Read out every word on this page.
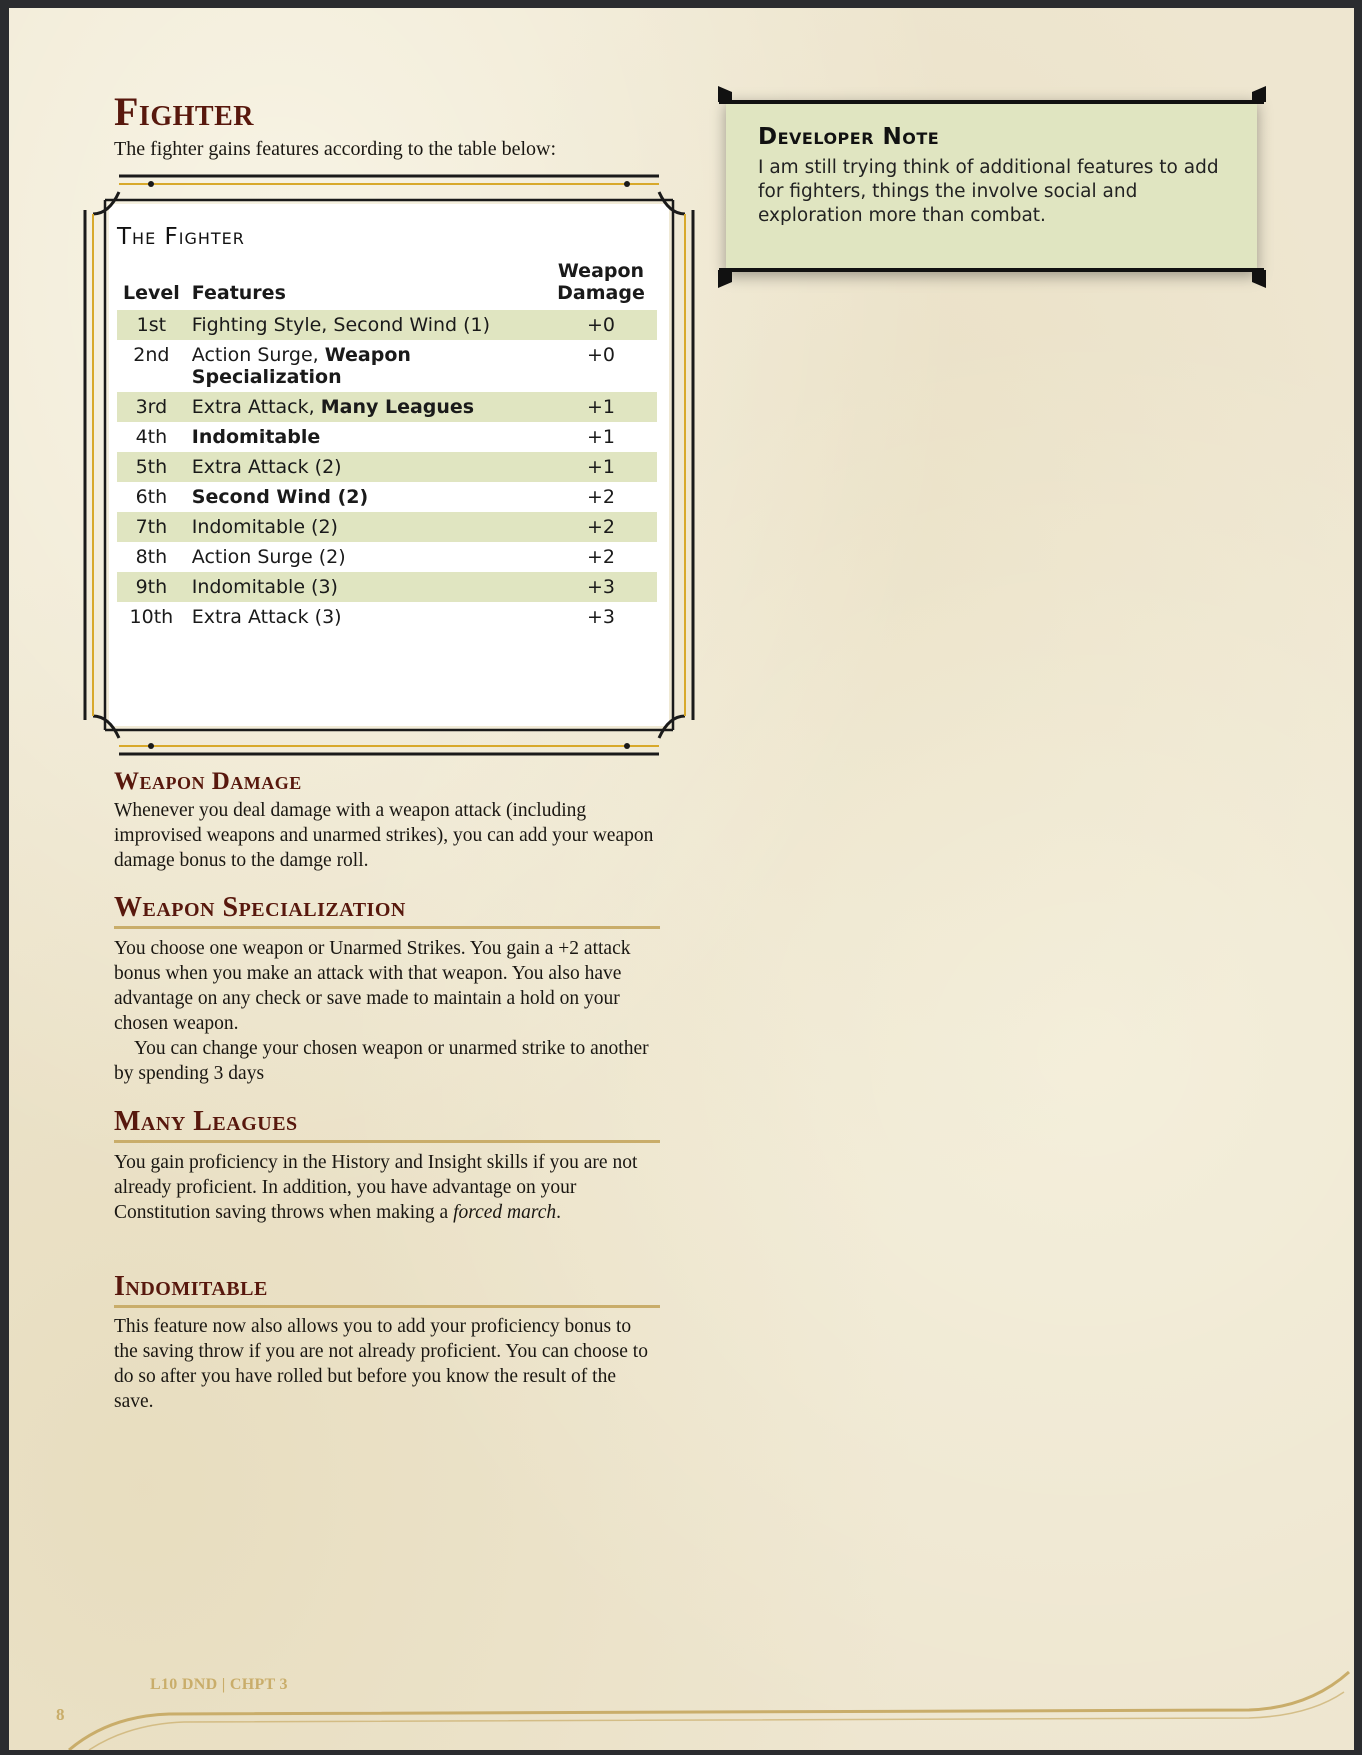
Fighter

The fighter gains features according to the table below:

The Fighter
Level	Features	Weapon
Damage
1st	Fighting Style, Second Wind (1)	+0
2nd	Action Surge, Weapon Specialization	+0
3rd	Extra Attack, Many Leagues	+1
4th	Indomitable	+1
5th	Extra Attack (2)	+1
6th	Second Wind (2)	+2
7th	Indomitable (2)	+2
8th	Action Surge (2)	+2
9th	Indomitable (3)	+3
10th	Extra Attack (3)	+3
Weapon Damage
Whenever you deal damage with a weapon attack (including improvised weapons and unarmed strikes), you can add your weapon damage bonus to the damge roll.
Weapon Specialization

You choose one weapon or Unarmed Strikes. You gain a +2 attack bonus when you make an attack with that weapon. You also have advantage on any check or save made to maintain a hold on your chosen weapon.

You can change your chosen weapon or unarmed strike to another by spending 3 days

Many Leagues
You gain proficiency in the History and Insight skills if you are not already proficient. In addition, you have advantage on your Constitution saving throws when making a forced march.
Indomitable
This feature now also allows you to add your proficiency bonus to the saving throw if you are not already proficient. You can choose to do so after you have rolled but before you know the result of the save.
Developer Note

I am still trying think of additional features to add for fighters, things the involve social and exploration more than combat.

L10 DND | CHPT 3
8
